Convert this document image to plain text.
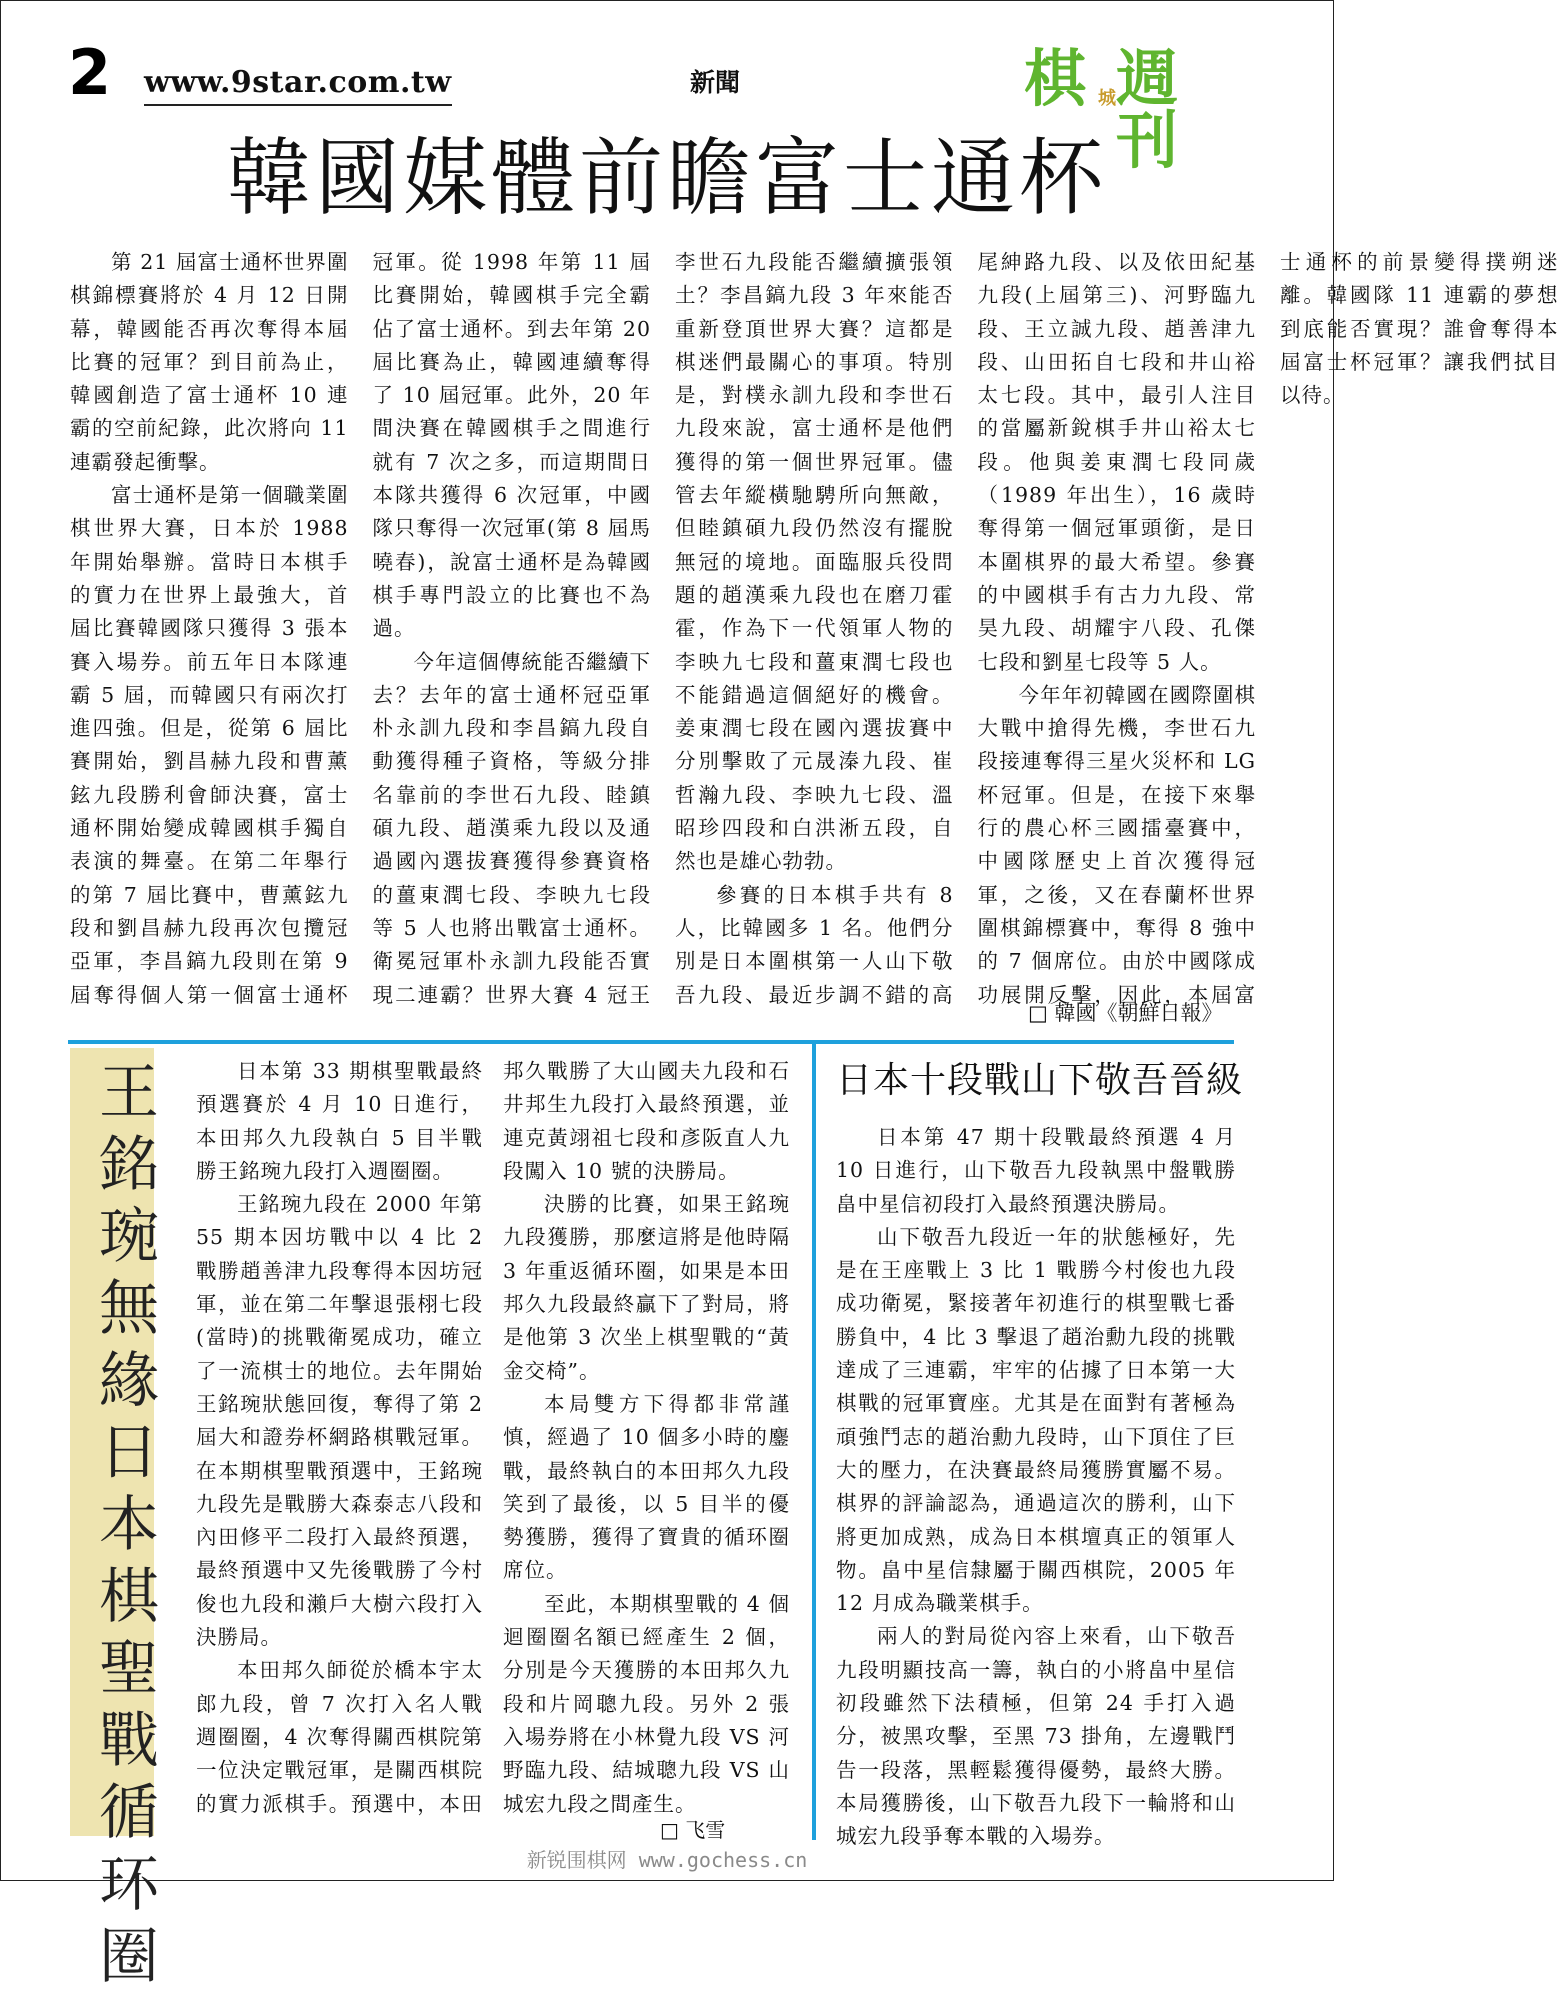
2 www.9star.com.tw	新聞	棋 城 週刊
韓國媒體前瞻富士通杯

第 21 屆富士通杯世界圍棋錦標賽將於 4 月 12 日開幕，韓國能否再次奪得本屆比賽的冠軍？到目前為止，韓國創造了富士通杯 10 連霸的空前紀錄，此次將向 11 連霸發起衝擊。

富士通杯是第一個職業圍棋世界大賽，日本於 1988 年開始舉辦。當時日本棋手的實力在世界上最強大，首屆比賽韓國隊只獲得 3 張本賽入場券。前五年日本隊連霸 5 屆，而韓國只有兩次打進四強。但是，從第 6 屆比賽開始，劉昌赫九段和曹薰鉉九段勝利會師決賽，富士通杯開始變成韓國棋手獨自表演的舞臺。在第二年舉行的第 7 屆比賽中，曹薰鉉九段和劉昌赫九段再次包攬冠亞軍，李昌鎬九段則在第 9 屆奪得個人第一個富士通杯冠軍。從 1998 年第 11 屆比賽開始，韓國棋手完全霸佔了富士通杯。到去年第 20 屆比賽為止，韓國連續奪得了 10 屆冠軍。此外，20 年間決賽在韓國棋手之間進行就有 7 次之多，而這期間日本隊共獲得 6 次冠軍，中國隊只奪得一次冠軍(第 8 屆馬曉春)，說富士通杯是為韓國棋手專門設立的比賽也不為過。

今年這個傳統能否繼續下去？去年的富士通杯冠亞軍朴永訓九段和李昌鎬九段自動獲得種子資格，等級分排名靠前的李世石九段、睦鎮碩九段、趙漢乘九段以及通過國內選拔賽獲得參賽資格的薑東潤七段、李映九七段等 5 人也將出戰富士通杯。衛冕冠軍朴永訓九段能否實現二連霸？世界大賽 4 冠王李世石九段能否繼續擴張領土？李昌鎬九段 3 年來能否重新登頂世界大賽？這都是棋迷們最關心的事項。特別是，對樸永訓九段和李世石九段來說，富士通杯是他們獲得的第一個世界冠軍。儘管去年縱橫馳騁所向無敵，但睦鎮碩九段仍然沒有擺脫無冠的境地。面臨服兵役問題的趙漢乘九段也在磨刀霍霍，作為下一代領軍人物的李映九七段和薑東潤七段也不能錯過這個絕好的機會。姜東潤七段在國內選拔賽中分別擊敗了元晟溱九段、崔哲瀚九段、李映九七段、溫昭珍四段和白洪淅五段，自然也是雄心勃勃。

參賽的日本棋手共有 8 人，比韓國多 1 名。他們分別是日本圍棋第一人山下敬吾九段、最近步調不錯的高尾紳路九段、以及依田紀基九段(上屆第三)、河野臨九段、王立誠九段、趙善津九段、山田拓自七段和井山裕太七段。其中，最引人注目的當屬新銳棋手井山裕太七段。他與姜東潤七段同歲（1989 年出生），16 歲時奪得第一個冠軍頭銜，是日本圍棋界的最大希望。參賽的中國棋手有古力九段、常昊九段、胡耀宇八段、孔傑七段和劉星七段等 5 人。

今年年初韓國在國際圍棋大戰中搶得先機，李世石九段接連奪得三星火災杯和 LG 杯冠軍。但是，在接下來舉行的農心杯三國擂臺賽中，中國隊歷史上首次獲得冠軍，之後，又在春蘭杯世界圍棋錦標賽中，奪得 8 強中的 7 個席位。由於中國隊成功展開反擊，因此，本屆富士通杯的前景變得撲朔迷離。韓國隊 11 連霸的夢想到底能否實現？誰會奪得本屆富士杯冠軍？讓我們拭目以待。

□ 韓國《朝鮮日報》
王銘琬無緣日本棋聖戰循环圈

日本第 33 期棋聖戰最終預選賽於 4 月 10 日進行，本田邦久九段執白 5 目半戰勝王銘琬九段打入週圈圈。

王銘琬九段在 2000 年第 55 期本因坊戰中以 4 比 2 戰勝趙善津九段奪得本因坊冠軍，並在第二年擊退張栩七段(當時)的挑戰衛冕成功，確立了一流棋士的地位。去年開始王銘琬狀態回復，奪得了第 2 屆大和證券杯網路棋戰冠軍。在本期棋聖戰預選中，王銘琬九段先是戰勝大森泰志八段和內田修平二段打入最終預選，最終預選中又先後戰勝了今村俊也九段和瀨戶大樹六段打入決勝局。

本田邦久師從於橋本宇太郎九段，曾 7 次打入名人戰週圈圈，4 次奪得關西棋院第一位決定戰冠軍，是關西棋院的實力派棋手。預選中，本田邦久戰勝了大山國夫九段和石井邦生九段打入最終預選，並連克黃翊祖七段和彥阪直人九段闖入 10 號的決勝局。

決勝的比賽，如果王銘琬九段獲勝，那麼這將是他時隔 3 年重返循环圈，如果是本田邦久九段最終贏下了對局，將是他第 3 次坐上棋聖戰的“黃金交椅”。

本局雙方下得都非常謹慎，經過了 10 個多小時的鏖戰，最終執白的本田邦久九段笑到了最後，以 5 目半的優勢獲勝，獲得了寶貴的循环圈席位。

至此，本期棋聖戰的 4 個迴圈圈名額已經產生 2 個，分別是今天獲勝的本田邦久九段和片岡聰九段。另外 2 張入場券將在小林覺九段 VS 河野臨九段、結城聰九段 VS 山城宏九段之間產生。

□ 飞雪
日本十段戰山下敬吾晉級

日本第 47 期十段戰最終預選 4 月 10 日進行，山下敬吾九段執黑中盤戰勝畠中星信初段打入最終預選決勝局。

山下敬吾九段近一年的狀態極好，先是在王座戰上 3 比 1 戰勝今村俊也九段成功衛冕，緊接著年初進行的棋聖戰七番勝負中，4 比 3 擊退了趙治勳九段的挑戰達成了三連霸，牢牢的佔據了日本第一大棋戰的冠軍寶座。尤其是在面對有著極為頑強鬥志的趙治勳九段時，山下頂住了巨大的壓力，在決賽最終局獲勝實屬不易。棋界的評論認為，通過這次的勝利，山下將更加成熟，成為日本棋壇真正的領軍人物。畠中星信隸屬于關西棋院，2005 年 12 月成為職業棋手。

兩人的對局從內容上來看，山下敬吾九段明顯技高一籌，執白的小將畠中星信初段雖然下法積極，但第 24 手打入過分，被黑攻擊，至黑 73 掛角，左邊戰鬥告一段落，黑輕鬆獲得優勢，最終大勝。本局獲勝後，山下敬吾九段下一輪將和山城宏九段爭奪本戰的入場券。

新锐围棋网 www.gochess.cn
